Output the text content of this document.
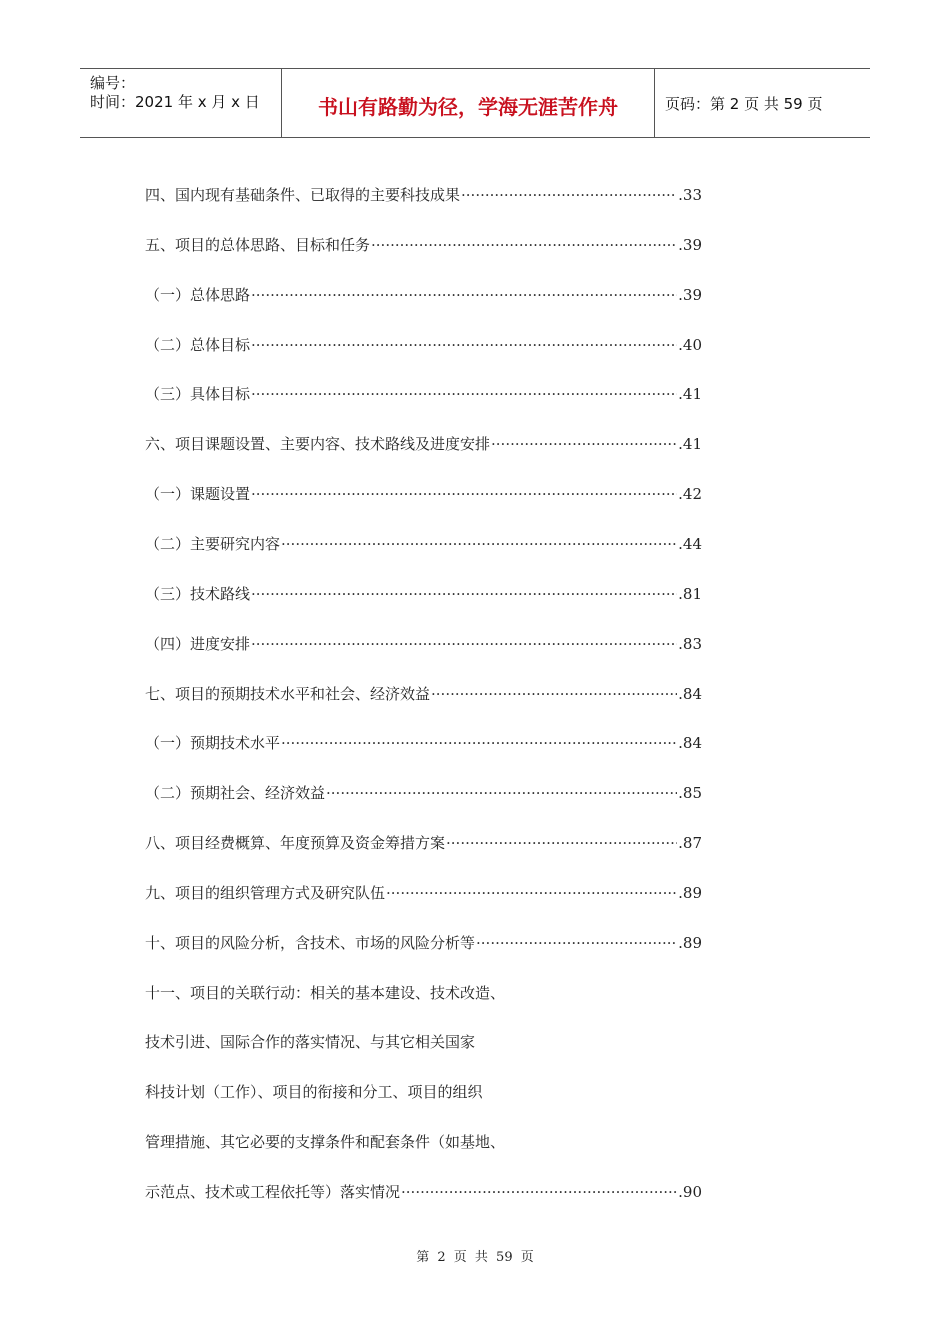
编号：
时间：2021 年 x 月 x 日	书山有路勤为径，学海无涯苦作舟	页码：第 2 页 共 59 页
四、国内现有基础条件、已取得的主要科技成果 ·····	.33
五、项目的总体思路、目标和任务 ·····	.39
（一）总体思路 ·····	.39
（二）总体目标 ·····	.40
（三）具体目标 ·····	.41
六、项目课题设置、主要内容、技术路线及进度安排 ·····	.41
（一）课题设置 ·····	.42
（二）主要研究内容 ·····	.44
（三）技术路线 ·····	.81
（四）进度安排 ·····	.83
七、项目的预期技术水平和社会、经济效益 ·····	.84
（一）预期技术水平 ·····	.84
（二）预期社会、经济效益 ·····	.85
八、项目经费概算、年度预算及资金筹措方案 ·····	.87
九、项目的组织管理方式及研究队伍 ·····	.89
十、项目的风险分析，含技术、市场的风险分析等 ·····	.89
十一、项目的关联行动：相关的基本建设、技术改造、
技术引进、国际合作的落实情况、与其它相关国家
科技计划（工作）、项目的衔接和分工、项目的组织
管理措施、其它必要的支撑条件和配套条件（如基地、
示范点、技术或工程依托等）落实情况 ·····	.90
第 2 页 共 59 页
